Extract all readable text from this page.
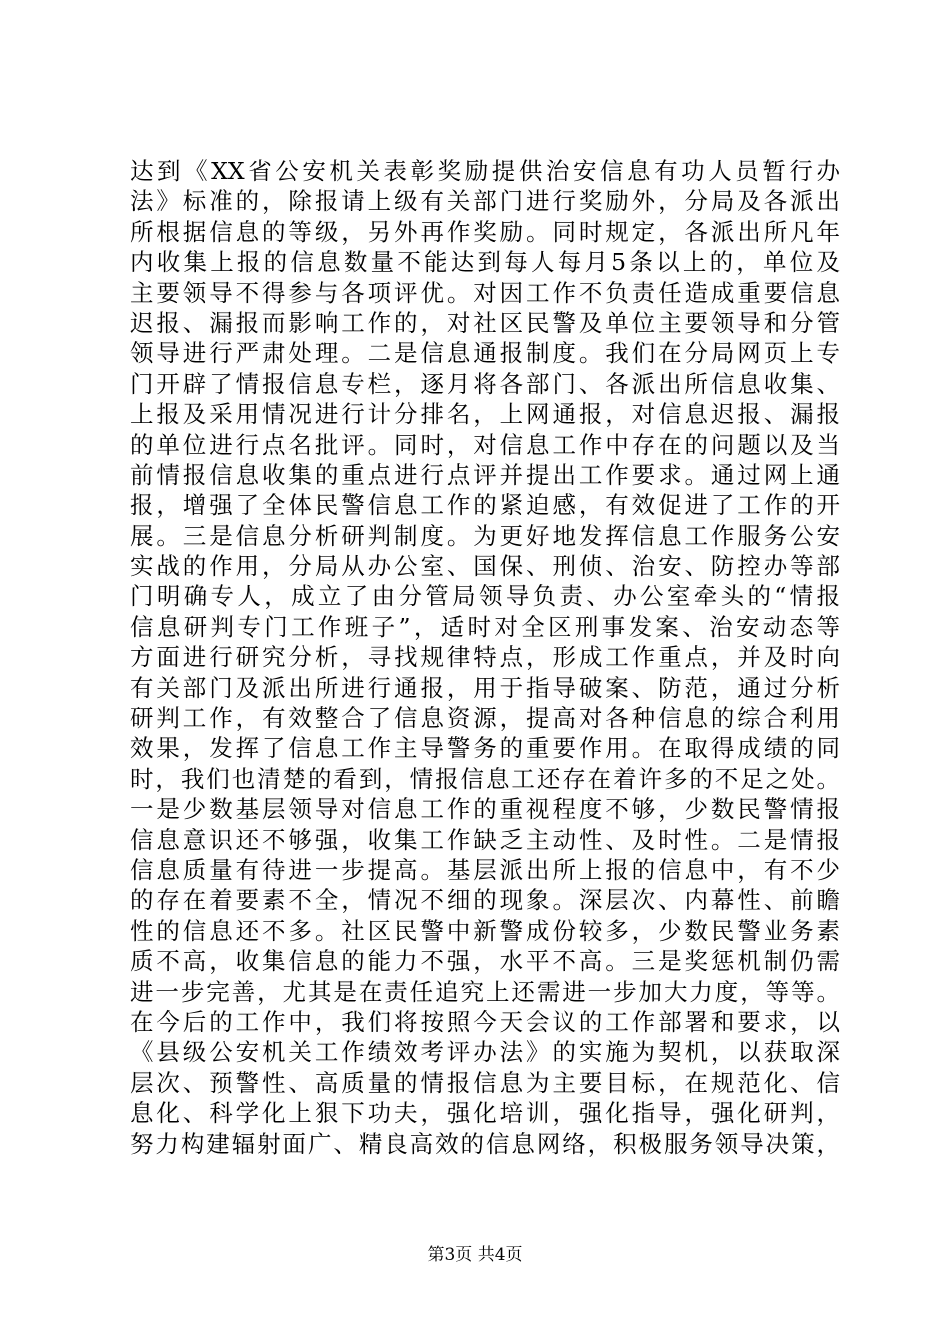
达到《XX省公安机关表彰奖励提供治安信息有功人员暂行办
法》标准的，除报请上级有关部门进行奖励外，分局及各派出
所根据信息的等级，另外再作奖励。同时规定，各派出所凡年
内收集上报的信息数量不能达到每人每月5条以上的，单位及
主要领导不得参与各项评优。对因工作不负责任造成重要信息
迟报、漏报而影响工作的，对社区民警及单位主要领导和分管
领导进行严肃处理。二是信息通报制度。我们在分局网页上专
门开辟了情报信息专栏，逐月将各部门、各派出所信息收集、
上报及采用情况进行计分排名，上网通报，对信息迟报、漏报
的单位进行点名批评。同时，对信息工作中存在的问题以及当
前情报信息收集的重点进行点评并提出工作要求。通过网上通
报，增强了全体民警信息工作的紧迫感，有效促进了工作的开
展。三是信息分析研判制度。为更好地发挥信息工作服务公安
实战的作用，分局从办公室、国保、刑侦、治安、防控办等部
门明确专人，成立了由分管局领导负责、办公室牵头的“情报
信息研判专门工作班子”，适时对全区刑事发案、治安动态等
方面进行研究分析，寻找规律特点，形成工作重点，并及时向
有关部门及派出所进行通报，用于指导破案、防范，通过分析
研判工作，有效整合了信息资源，提高对各种信息的综合利用
效果，发挥了信息工作主导警务的重要作用。在取得成绩的同
时，我们也清楚的看到，情报信息工还存在着许多的不足之处。
一是少数基层领导对信息工作的重视程度不够，少数民警情报
信息意识还不够强，收集工作缺乏主动性、及时性。二是情报
信息质量有待进一步提高。基层派出所上报的信息中，有不少
的存在着要素不全，情况不细的现象。深层次、内幕性、前瞻
性的信息还不多。社区民警中新警成份较多，少数民警业务素
质不高，收集信息的能力不强，水平不高。三是奖惩机制仍需
进一步完善，尤其是在责任追究上还需进一步加大力度，等等。
在今后的工作中，我们将按照今天会议的工作部署和要求，以
《县级公安机关工作绩效考评办法》的实施为契机，以获取深
层次、预警性、高质量的情报信息为主要目标，在规范化、信
息化、科学化上狠下功夫，强化培训，强化指导，强化研判，
努力构建辐射面广、精良高效的信息网络，积极服务领导决策，
第3页 共4页
